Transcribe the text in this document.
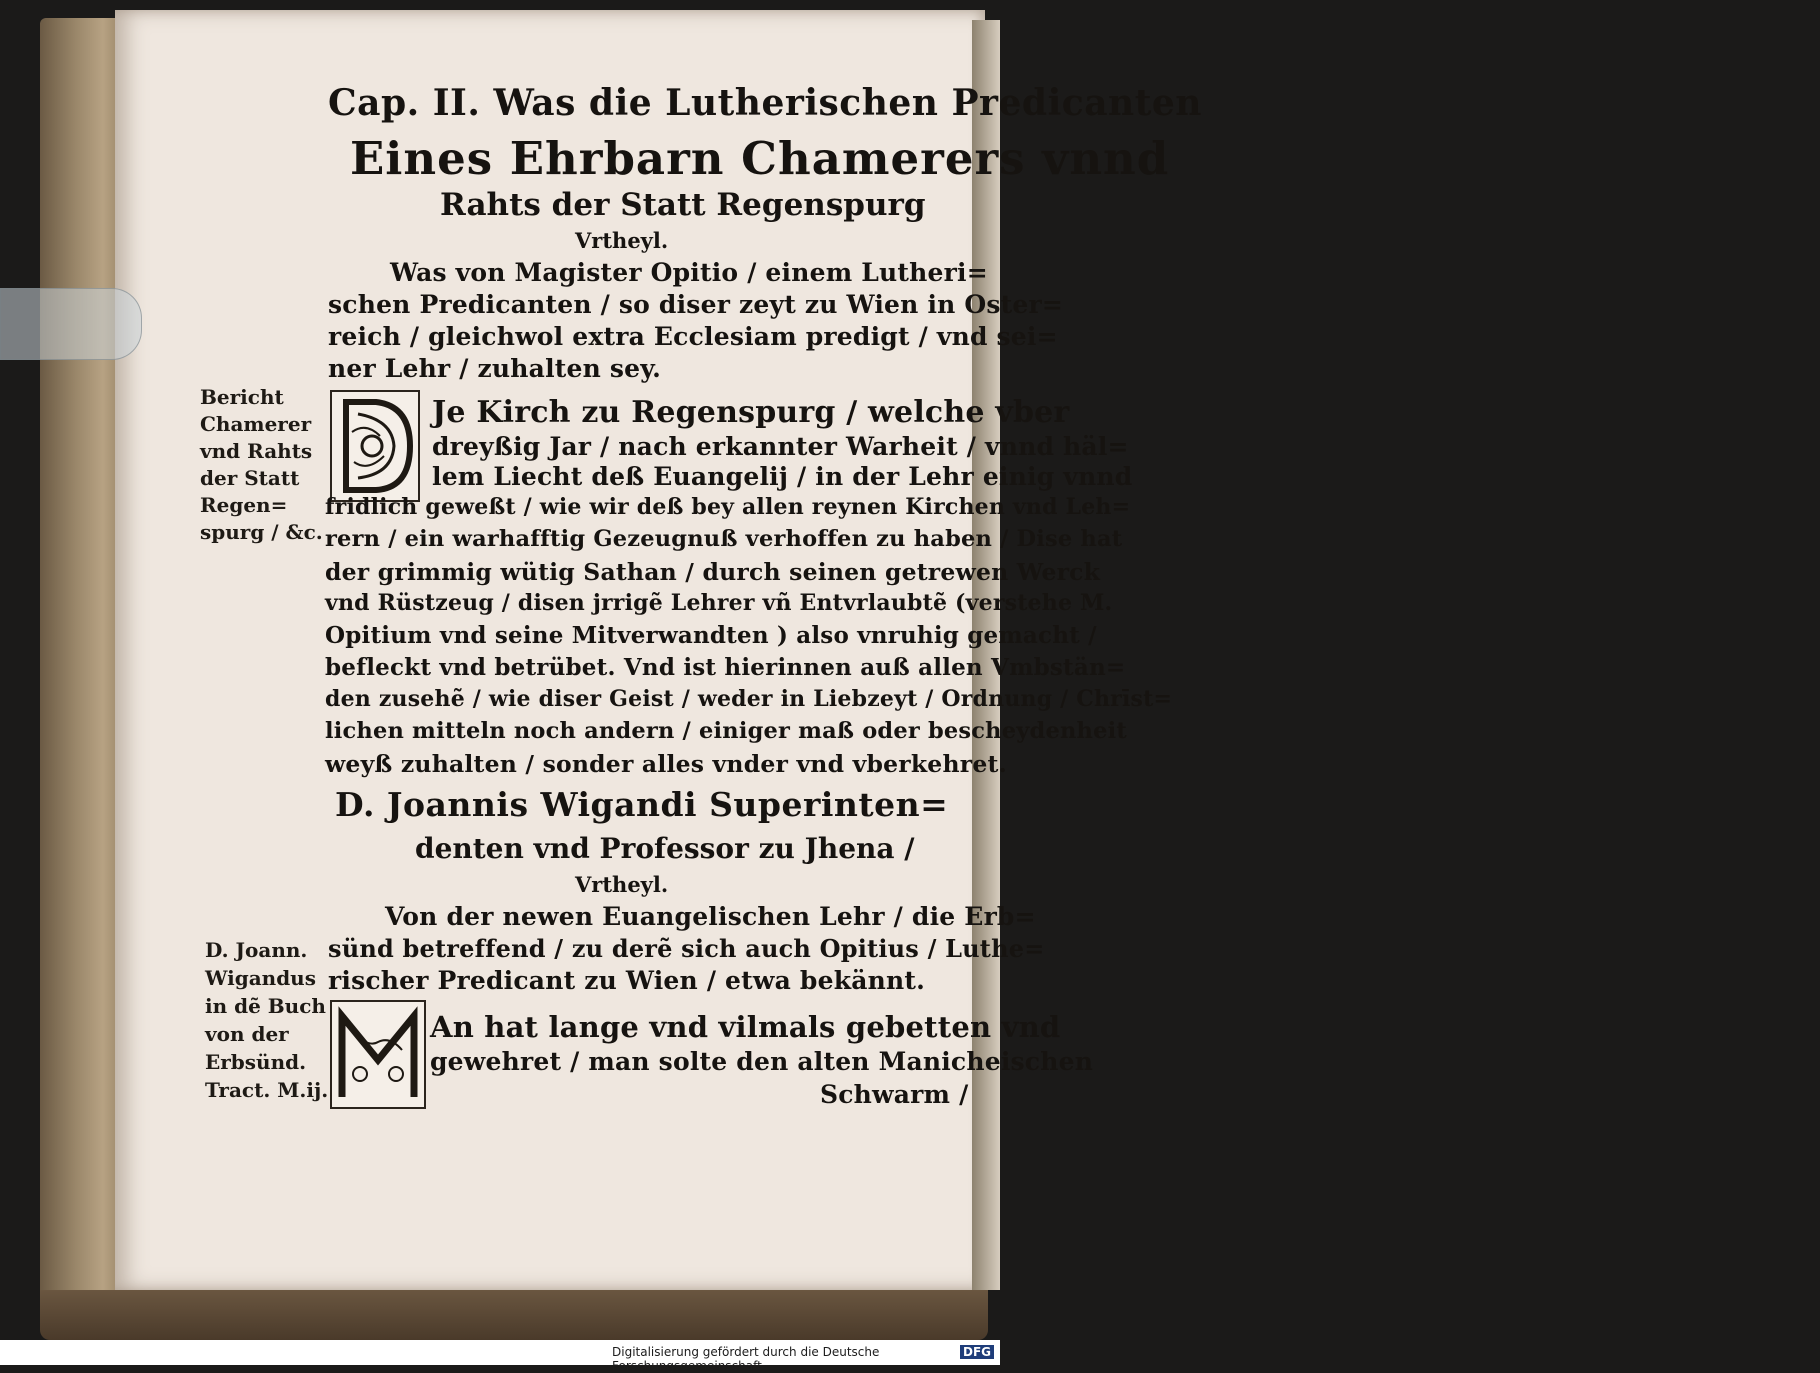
Cap. II. Was die Lutherischen Predicanten
Eines Ehrbarn Chamerers vnnd
Rahts der Statt Regenspurg
Vrtheyl.
Was von Magister Opitio / einem Lutheri=
schen Predicanten / so diser zeyt zu Wien in Oster=
reich / gleichwol extra Ecclesiam predigt / vnd sei=
ner Lehr / zuhalten sey.
Bericht
Chamerer
vnd Rahts
der Statt
Regen=
spurg / &c.
Je Kirch zu Regenspurg / welche vber
dreyßig Jar / nach erkannter Warheit / vnnd häl=
lem Liecht deß Euangelij / in der Lehr einig vnnd
fridlich geweßt / wie wir deß bey allen reynen Kirchen vnd Leh=
rern / ein warhafftig Gezeugnuß verhoffen zu haben / Dise hat
der grimmig wütig Sathan / durch seinen getrewen Werck
vnd Rüstzeug / disen jrrigẽ Lehrer vñ Entvrlaubtẽ (verstehe M.
Opitium vnd seine Mitverwandten ) also vnruhig gemacht /
befleckt vnd betrübet. Vnd ist hierinnen auß allen Vmbstän=
den zusehẽ / wie diser Geist / weder in Liebzeyt / Ordnung / Chrīst=
lichen mitteln noch andern / einiger maß oder bescheydenheit
weyß zuhalten / sonder alles vnder vnd vberkehret.
D. Joannis Wigandi Superinten=
denten vnd Professor zu Jhena /
Vrtheyl.
Von der newen Euangelischen Lehr / die Erb=
sünd betreffend / zu derẽ sich auch Opitius / Luthe=
rischer Predicant zu Wien / etwa bekännt.
D. Joann.
Wigandus
in dẽ Buch
von der
Erbsünd.
Tract. M.ij.
An hat lange vnd vilmals gebetten vnd
gewehret / man solte den alten Manicheischen
Schwarm /
Digitalisierung gefördert durch die Deutsche Forschungsgemeinschaft
DFG
